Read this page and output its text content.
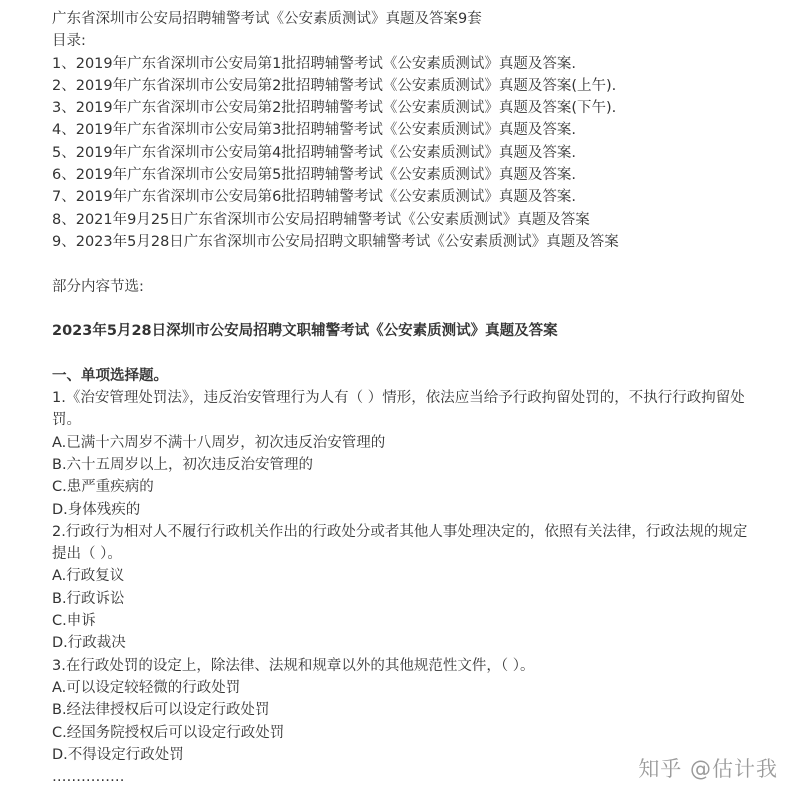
广东省深圳市公安局招聘辅警考试《公安素质测试》真题及答案9套
目录:
1、2019年广东省深圳市公安局第1批招聘辅警考试《公安素质测试》真题及答案.
2、2019年广东省深圳市公安局第2批招聘辅警考试《公安素质测试》真题及答案(上午).
3、2019年广东省深圳市公安局第2批招聘辅警考试《公安素质测试》真题及答案(下午).
4、2019年广东省深圳市公安局第3批招聘辅警考试《公安素质测试》真题及答案.
5、2019年广东省深圳市公安局第4批招聘辅警考试《公安素质测试》真题及答案.
6、2019年广东省深圳市公安局第5批招聘辅警考试《公安素质测试》真题及答案.
7、2019年广东省深圳市公安局第6批招聘辅警考试《公安素质测试》真题及答案.
8、2021年9月25日广东省深圳市公安局招聘辅警考试《公安素质测试》真题及答案
9、2023年5月28日广东省深圳市公安局招聘文职辅警考试《公安素质测试》真题及答案
部分内容节选:
2023年5月28日深圳市公安局招聘文职辅警考试《公安素质测试》真题及答案
一、单项选择题。
1.《治安管理处罚法》，违反治安管理行为人有（ ）情形，依法应当给予行政拘留处罚的，不执行行政拘留处罚。
A.已满十六周岁不满十八周岁，初次违反治安管理的
B.六十五周岁以上，初次违反治安管理的
C.患严重疾病的
D.身体残疾的
2.行政行为相对人不履行行政机关作出的行政处分或者其他人事处理决定的，依照有关法律，行政法规的规定提出（ ）。
A.行政复议
B.行政诉讼
C.申诉
D.行政裁决
3.在行政处罚的设定上，除法律、法规和规章以外的其他规范性文件，（ ）。
A.可以设定较轻微的行政处罚
B.经法律授权后可以设定行政处罚
C.经国务院授权后可以设定行政处罚
D.不得设定行政处罚
……………	知乎 @估计我
